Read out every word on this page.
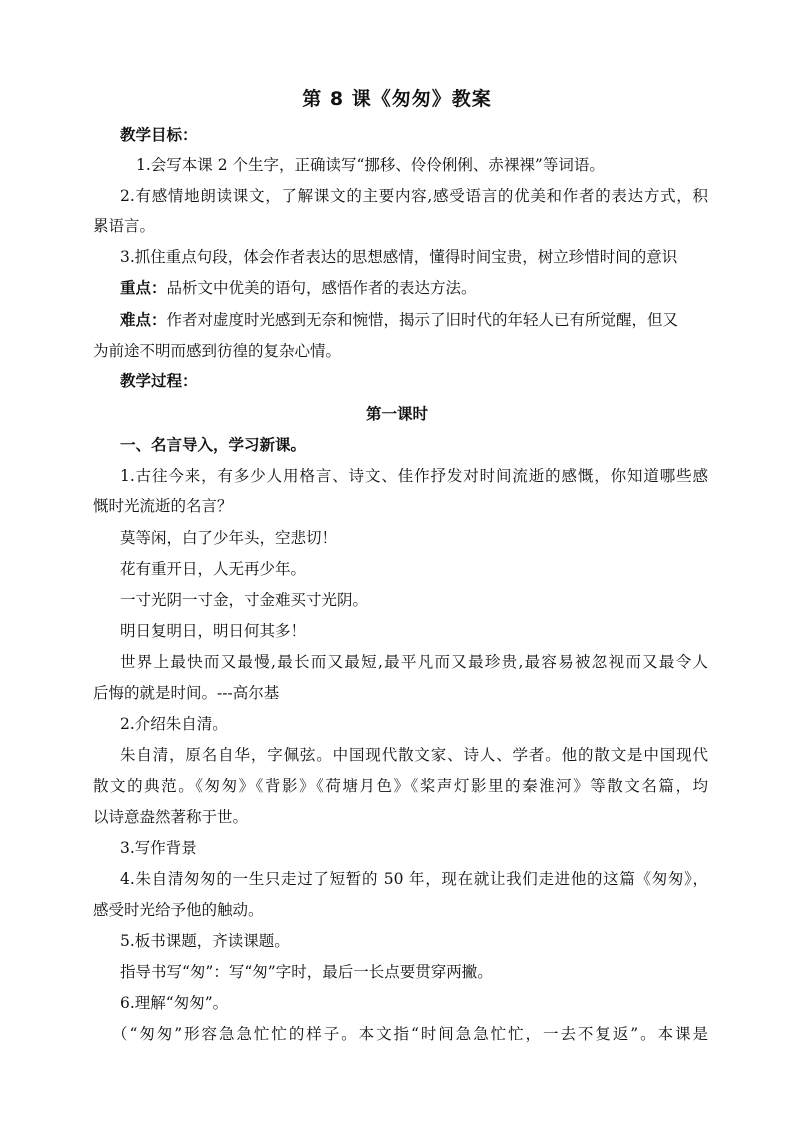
第 8 课《匆匆》教案
教学目标：
1.会写本课 2 个生字，正确读写“挪移、伶伶俐俐、赤裸裸”等词语。
2.有感情地朗读课文，了解课文的主要内容,感受语言的优美和作者的表达方式，积
累语言。
3.抓住重点句段，体会作者表达的思想感情，懂得时间宝贵，树立珍惜时间的意识
重点：品析文中优美的语句，感悟作者的表达方法。
难点：作者对虚度时光感到无奈和惋惜，揭示了旧时代的年轻人已有所觉醒，但又
为前途不明而感到彷徨的复杂心情。
教学过程：
第一课时
一、名言导入，学习新课。
1.古往今来，有多少人用格言、诗文、佳作抒发对时间流逝的感慨，你知道哪些感
慨时光流逝的名言？
莫等闲，白了少年头，空悲切！
花有重开日，人无再少年。
一寸光阴一寸金，寸金难买寸光阴。
明日复明日，明日何其多！
世界上最快而又最慢,最长而又最短,最平凡而又最珍贵,最容易被忽视而又最令人
后悔的就是时间。---高尔基
2.介绍朱自清。
朱自清，原名自华，字佩弦。中国现代散文家、诗人、学者。他的散文是中国现代
散文的典范。《匆匆》《背影》《荷塘月色》《桨声灯影里的秦淮河》等散文名篇，均
以诗意盎然著称于世。
3.写作背景
4.朱自清匆匆的一生只走过了短暂的 50 年，现在就让我们走进他的这篇《匆匆》，
感受时光给予他的触动。
5.板书课题，齐读课题。
指导书写“匆”：写“匆”字时，最后一长点要贯穿两撇。
6.理解“匆匆”。
（“匆匆”形容急急忙忙的样子。本文指“时间急急忙忙，一去不复返”。本课是
